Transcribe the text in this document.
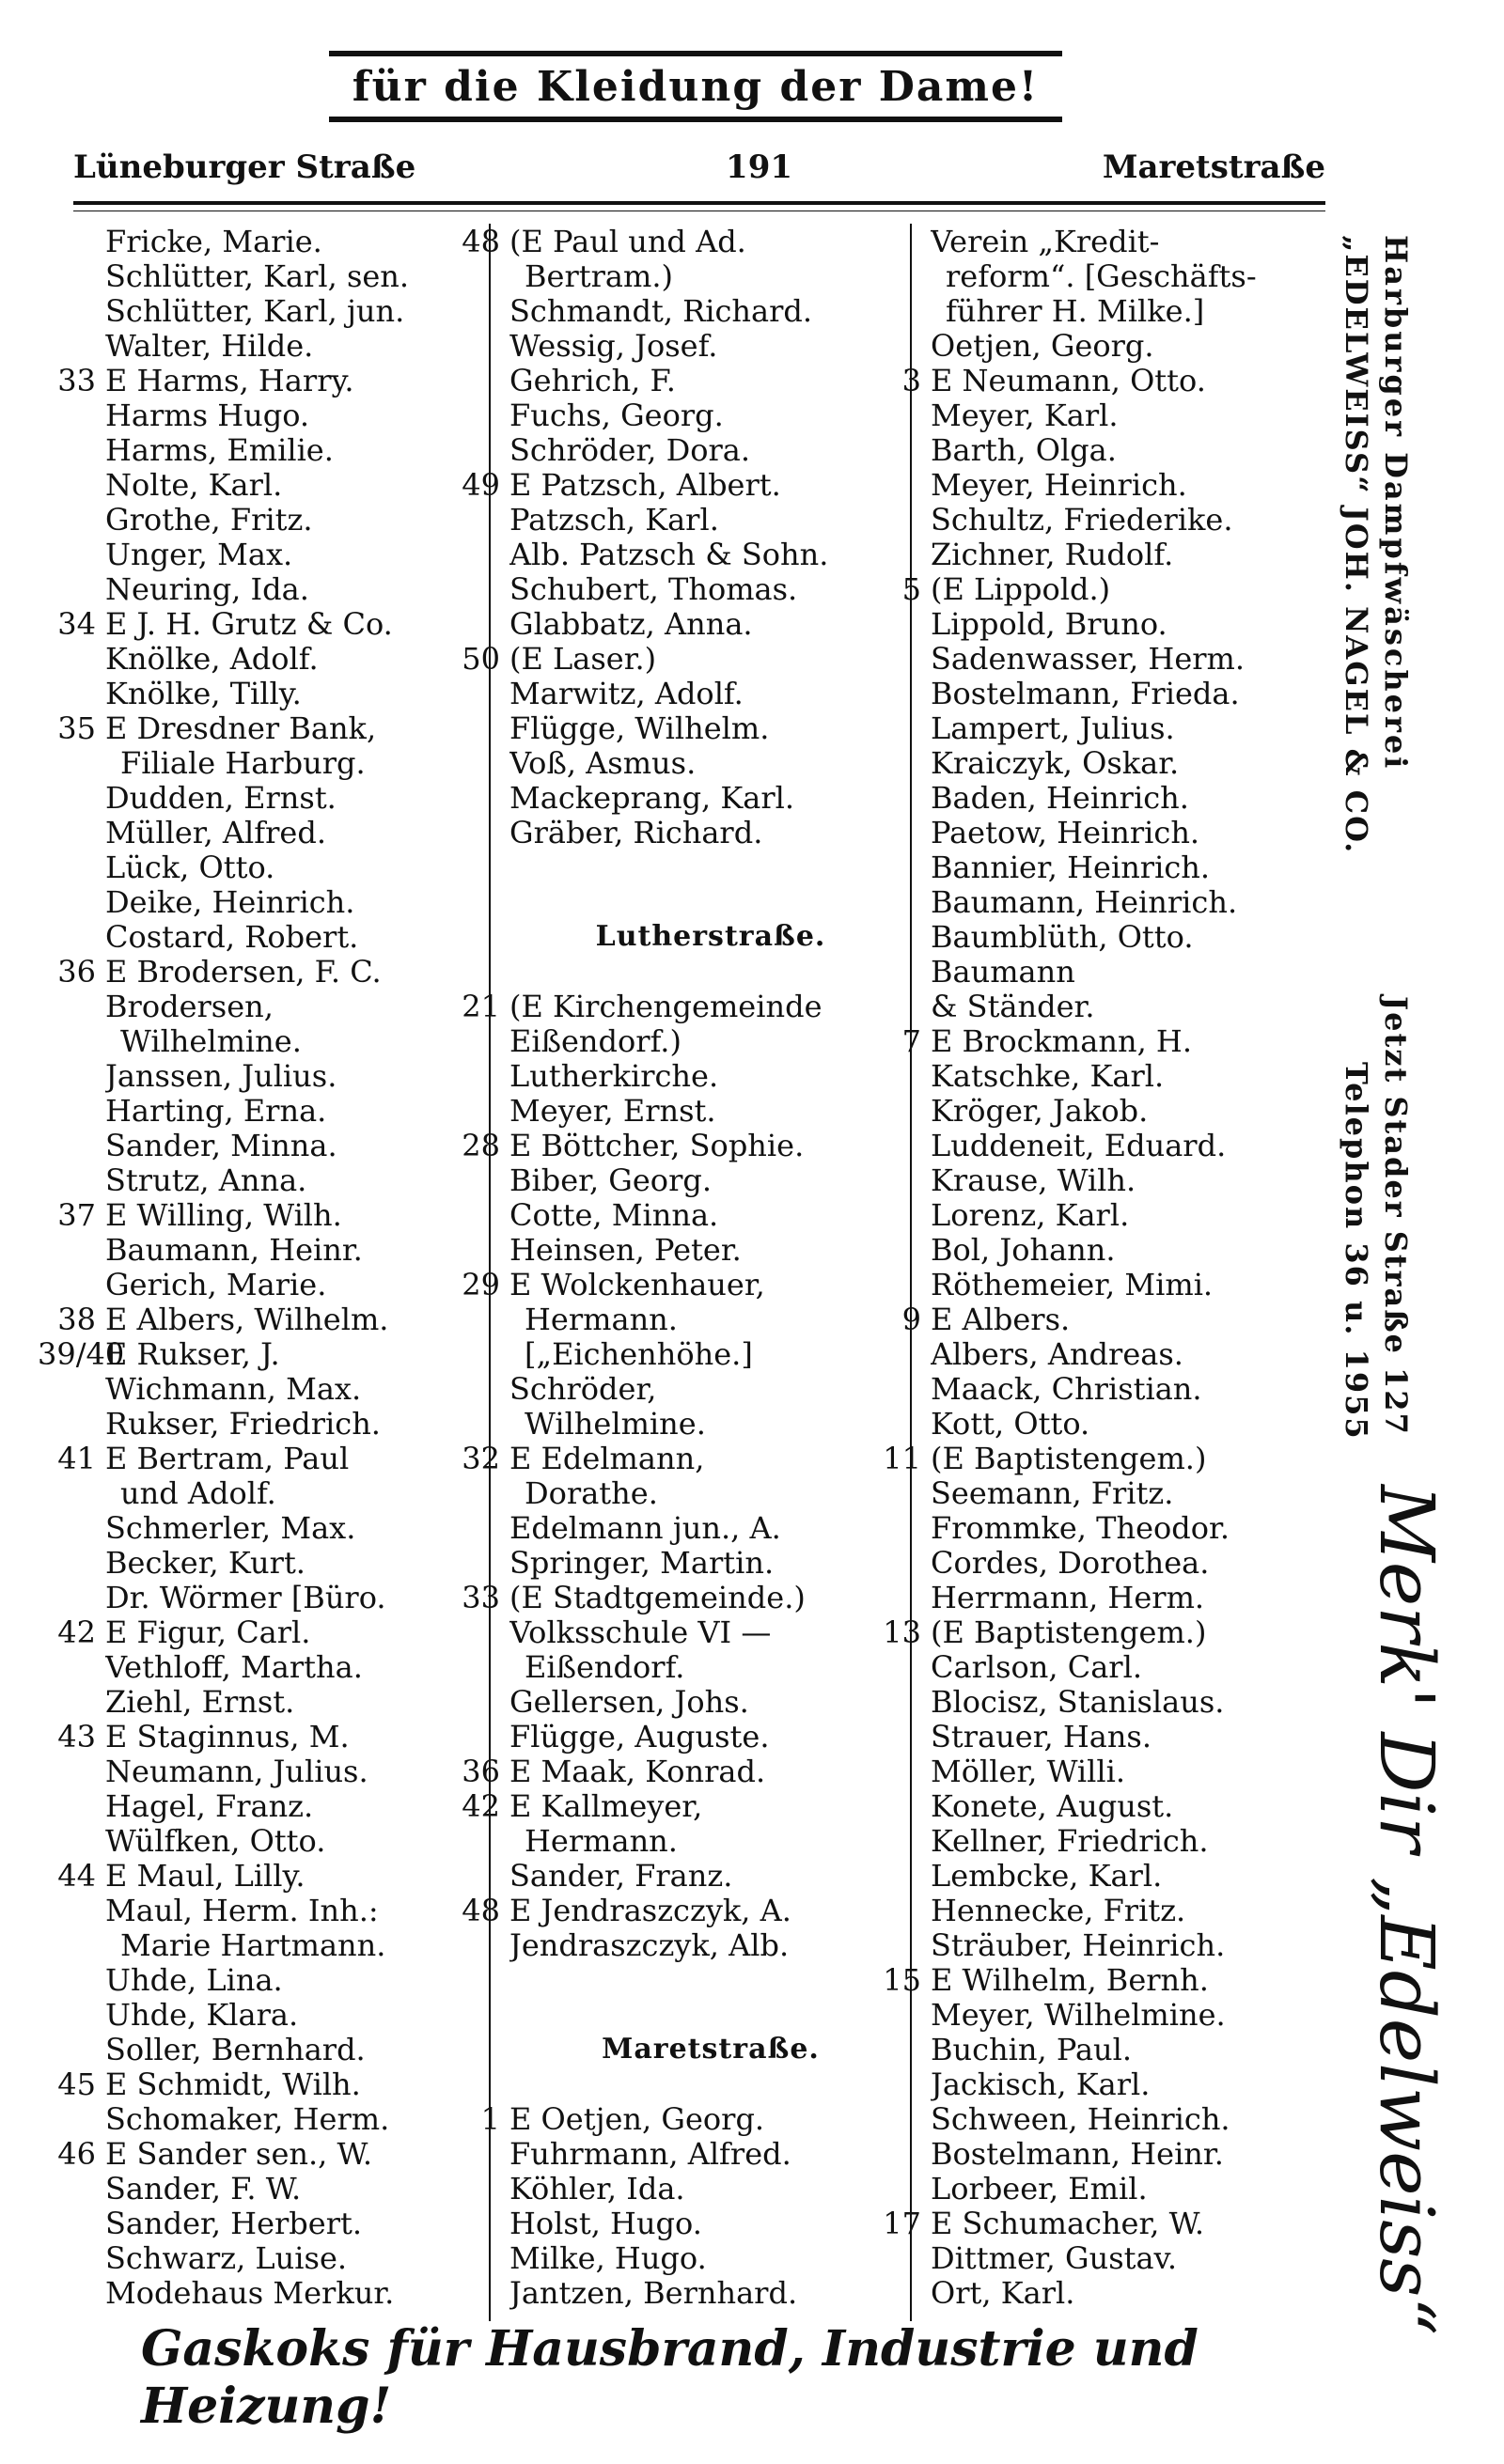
für die Kleidung der Dame!
Lüneburger Straße	191	Maretstraße
Fricke, Marie.
Schlütter, Karl, sen.
Schlütter, Karl, jun.
Walter, Hilde.
33 E Harms, Harry.
Harms Hugo.
Harms, Emilie.
Nolte, Karl.
Grothe, Fritz.
Unger, Max.
Neuring, Ida.
34 E J. H. Grutz & Co.
Knölke, Adolf.
Knölke, Tilly.
35 E Dresdner Bank,
Filiale Harburg.
Dudden, Ernst.
Müller, Alfred.
Lück, Otto.
Deike, Heinrich.
Costard, Robert.
36 E Brodersen, F. C.
Brodersen,
Wilhelmine.
Janssen, Julius.
Harting, Erna.
Sander, Minna.
Strutz, Anna.
37 E Willing, Wilh.
Baumann, Heinr.
Gerich, Marie.
38 E Albers, Wilhelm.
39/40
E Rukser, J.
Wichmann, Max.
Rukser, Friedrich.
41 E Bertram, Paul
und Adolf.
Schmerler, Max.
Becker, Kurt.
Dr. Wörmer [Büro.
42 E Figur, Carl.
Vethloff, Martha.
Ziehl, Ernst.
43 E Staginnus, M.
Neumann, Julius.
Hagel, Franz.
Wülfken, Otto.
44 E Maul, Lilly.
Maul, Herm. Inh.:
Marie Hartmann.
Uhde, Lina.
Uhde, Klara.
Soller, Bernhard.
45 E Schmidt, Wilh.
Schomaker, Herm.
46 E Sander sen., W.
Sander, F. W.
Sander, Herbert.
Schwarz, Luise.
Modehaus Merkur.
48 (E Paul und Ad.
Bertram.)
Schmandt, Richard.
Wessig, Josef.
Gehrich, F.
Fuchs, Georg.
Schröder, Dora.
49 E Patzsch, Albert.
Patzsch, Karl.
Alb. Patzsch & Sohn.
Schubert, Thomas.
Glabbatz, Anna.
50 (E Laser.)
Marwitz, Adolf.
Flügge, Wilhelm.
Voß, Asmus.
Mackeprang, Karl.
Gräber, Richard.
Lutherstraße.
21 (E Kirchengemeinde
Eißendorf.)
Lutherkirche.
Meyer, Ernst.
28 E Böttcher, Sophie.
Biber, Georg.
Cotte, Minna.
Heinsen, Peter.
29 E Wolckenhauer,
Hermann.
[„Eichenhöhe.]
Schröder,
Wilhelmine.
32 E Edelmann,
Dorathe.
Edelmann jun., A.
Springer, Martin.
33 (E Stadtgemeinde.)
Volksschule VI —
Eißendorf.
Gellersen, Johs.
Flügge, Auguste.
36 E Maak, Konrad.
42 E Kallmeyer,
Hermann.
Sander, Franz.
48 E Jendraszczyk, A.
Jendraszczyk, Alb.
Maretstraße.
1 E Oetjen, Georg.
Fuhrmann, Alfred.
Köhler, Ida.
Holst, Hugo.
Milke, Hugo.
Jantzen, Bernhard.
Verein „Kredit-
reform“. [Geschäfts-
führer H. Milke.]
Oetjen, Georg.
3 E Neumann, Otto.
Meyer, Karl.
Barth, Olga.
Meyer, Heinrich.
Schultz, Friederike.
Zichner, Rudolf.
5 (E Lippold.)
Lippold, Bruno.
Sadenwasser, Herm.
Bostelmann, Frieda.
Lampert, Julius.
Kraiczyk, Oskar.
Baden, Heinrich.
Paetow, Heinrich.
Bannier, Heinrich.
Baumann, Heinrich.
Baumblüth, Otto.
Baumann
& Ständer.
7 E Brockmann, H.
Katschke, Karl.
Kröger, Jakob.
Luddeneit, Eduard.
Krause, Wilh.
Lorenz, Karl.
Bol, Johann.
Röthemeier, Mimi.
9 E Albers.
Albers, Andreas.
Maack, Christian.
Kott, Otto.
11 (E Baptistengem.)
Seemann, Fritz.
Frommke, Theodor.
Cordes, Dorothea.
Herrmann, Herm.
13 (E Baptistengem.)
Carlson, Carl.
Blocisz, Stanislaus.
Strauer, Hans.
Möller, Willi.
Konete, August.
Kellner, Friedrich.
Lembcke, Karl.
Hennecke, Fritz.
Sträuber, Heinrich.
15 E Wilhelm, Bernh.
Meyer, Wilhelmine.
Buchin, Paul.
Jackisch, Karl.
Schween, Heinrich.
Bostelmann, Heinr.
Lorbeer, Emil.
17 E Schumacher, W.
Dittmer, Gustav.
Ort, Karl.
Harburger Dampfwäscherei
„EDELWEISS“ JOH. NAGEL & CO.
Jetzt Stader Straße 127
Telephon 36 u. 1955
Merk' Dir „Edelweiss“
Gaskoks für Hausbrand, Industrie und Heizung!
